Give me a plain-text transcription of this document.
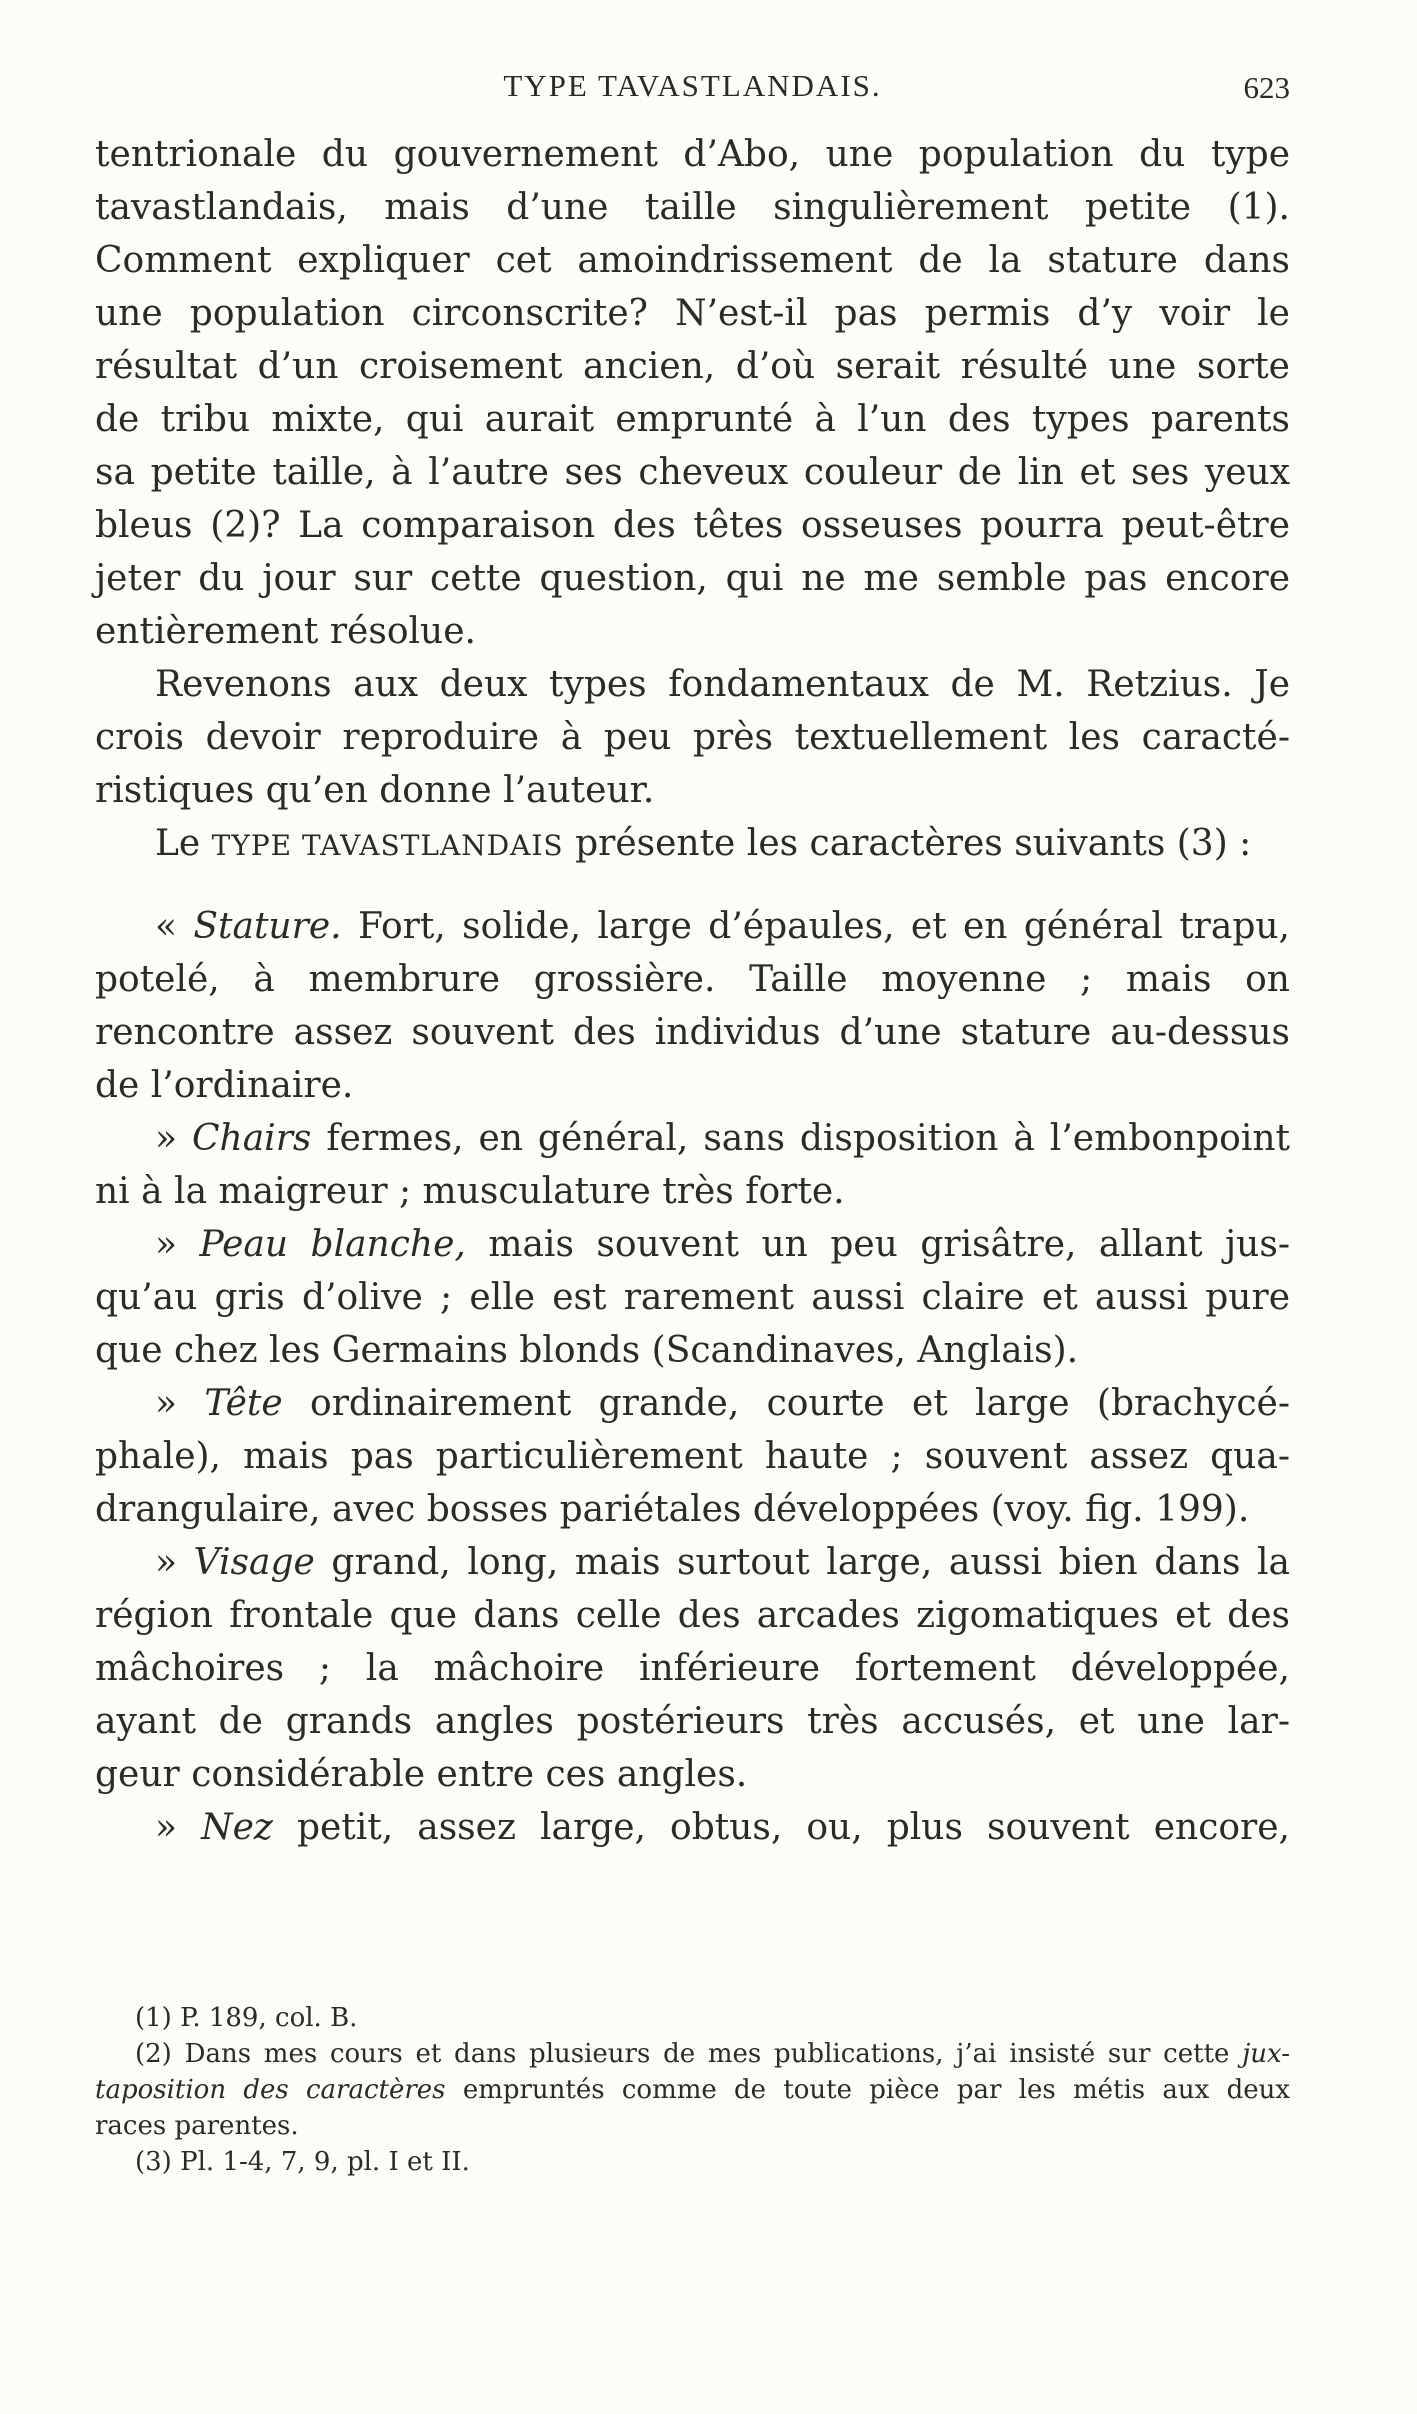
TYPE TAVASTLANDAIS.	623
tentrionale du gouvernement d’Abo, une population du type
tavastlandais, mais d’une taille singulièrement petite (1).
Comment expliquer cet amoindrissement de la stature dans
une population circonscrite? N’est-il pas permis d’y voir le
résultat d’un croisement ancien, d’où serait résulté une sorte
de tribu mixte, qui aurait emprunté à l’un des types parents
sa petite taille, à l’autre ses cheveux couleur de lin et ses yeux
bleus (2)? La comparaison des têtes osseuses pourra peut-être
jeter du jour sur cette question, qui ne me semble pas encore
entièrement résolue.
Revenons aux deux types fondamentaux de M. Retzius. Je
crois devoir reproduire à peu près textuellement les caracté-
ristiques qu’en donne l’auteur.
Le TYPE TAVASTLANDAIS présente les caractères suivants (3) :
« Stature. Fort, solide, large d’épaules, et en général trapu,
potelé, à membrure grossière. Taille moyenne ; mais on
rencontre assez souvent des individus d’une stature au-dessus
de l’ordinaire.
» Chairs fermes, en général, sans disposition à l’embonpoint
ni à la maigreur ; musculature très forte.
» Peau blanche, mais souvent un peu grisâtre, allant jus-
qu’au gris d’olive ; elle est rarement aussi claire et aussi pure
que chez les Germains blonds (Scandinaves, Anglais).
» Tête ordinairement grande, courte et large (brachycé-
phale), mais pas particulièrement haute ; souvent assez qua-
drangulaire, avec bosses pariétales développées (voy. fig. 199).
» Visage grand, long, mais surtout large, aussi bien dans la
région frontale que dans celle des arcades zigomatiques et des
mâchoires ; la mâchoire inférieure fortement développée,
ayant de grands angles postérieurs très accusés, et une lar-
geur considérable entre ces angles.
» Nez petit, assez large, obtus, ou, plus souvent encore,
(1) P. 189, col. B.
(2) Dans mes cours et dans plusieurs de mes publications, j’ai insisté sur cette jux-
taposition des caractères empruntés comme de toute pièce par les métis aux deux
races parentes.
(3) Pl. 1-4, 7, 9, pl. I et II.
